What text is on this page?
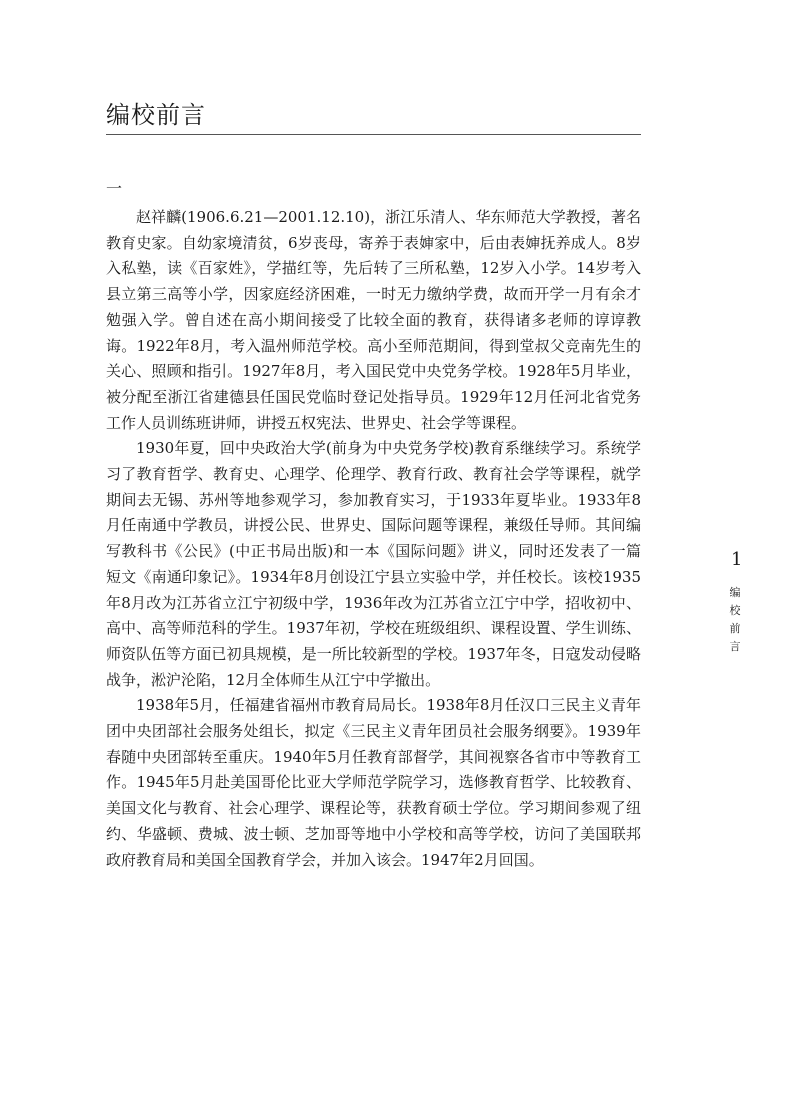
编校前言
一

赵祥麟(1906.6.21—2001.12.10)，浙江乐清人、华东师范大学教授，著名教育史家。自幼家境清贫，6岁丧母，寄养于表婶家中，后由表婶抚养成人。8岁入私塾，读《百家姓》，学描红等，先后转了三所私塾，12岁入小学。14岁考入县立第三高等小学，因家庭经济困难，一时无力缴纳学费，故而开学一月有余才勉强入学。曾自述在高小期间接受了比较全面的教育，获得诸多老师的谆谆教诲。1922年8月，考入温州师范学校。高小至师范期间，得到堂叔父竞南先生的关心、照顾和指引。1927年8月，考入国民党中央党务学校。1928年5月毕业，被分配至浙江省建德县任国民党临时登记处指导员。1929年12月任河北省党务工作人员训练班讲师，讲授五权宪法、世界史、社会学等课程。

1930年夏，回中央政治大学(前身为中央党务学校)教育系继续学习。系统学习了教育哲学、教育史、心理学、伦理学、教育行政、教育社会学等课程，就学期间去无锡、苏州等地参观学习，参加教育实习，于1933年夏毕业。1933年8月任南通中学教员，讲授公民、世界史、国际问题等课程，兼级任导师。其间编写教科书《公民》(中正书局出版)和一本《国际问题》讲义，同时还发表了一篇短文《南通印象记》。1934年8月创设江宁县立实验中学，并任校长。该校1935年8月改为江苏省立江宁初级中学，1936年改为江苏省立江宁中学，招收初中、高中、高等师范科的学生。1937年初，学校在班级组织、课程设置、学生训练、师资队伍等方面已初具规模，是一所比较新型的学校。1937年冬，日寇发动侵略战争，淞沪沦陷，12月全体师生从江宁中学撤出。

1938年5月，任福建省福州市教育局局长。1938年8月任汉口三民主义青年团中央团部社会服务处组长，拟定《三民主义青年团员社会服务纲要》。1939年春随中央团部转至重庆。1940年5月任教育部督学，其间视察各省市中等教育工作。1945年5月赴美国哥伦比亚大学师范学院学习，选修教育哲学、比较教育、美国文化与教育、社会心理学、课程论等，获教育硕士学位。学习期间参观了纽约、华盛顿、费城、波士顿、芝加哥等地中小学校和高等学校，访问了美国联邦政府教育局和美国全国教育学会，并加入该会。1947年2月回国。

1
编校前言
